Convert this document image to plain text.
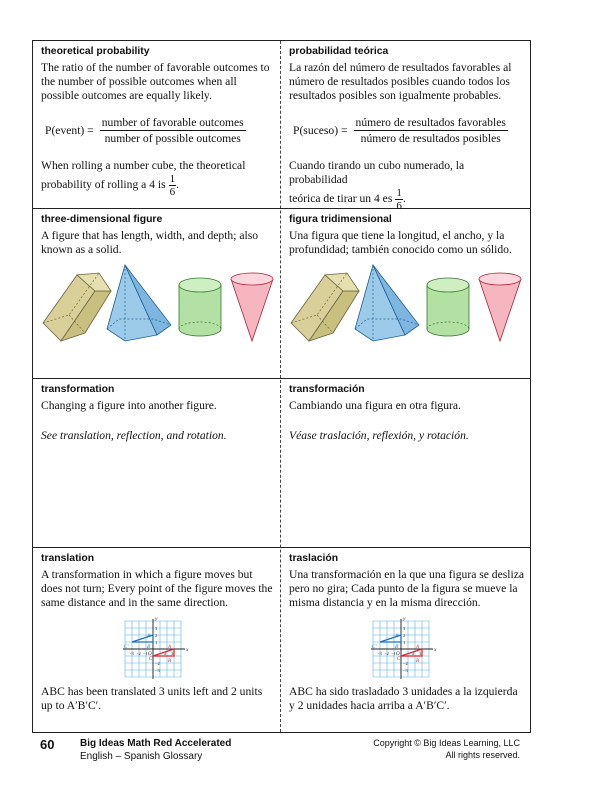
theoretical probability

The ratio of the number of favorable outcomes to the number of possible outcomes when all possible outcomes are equally likely.

P(event) = $\frac{\text{number of favorable outcomes}}{\text{number of possible outcomes}}$

When rolling a number cube, the theoretical

probability of rolling a 4 is $\frac{1}{6}$ .

probabilidad teórica

La razón del número de resultados favorables al número de resultados posibles cuando todos los resultados posibles son igualmente probables.

P(suceso) = $\frac{\text{número de resultados favorables}}{\text{número de resultados posibles}}$

Cuando tirando un cubo numerado, la probabilidad

teórica de tirar un 4 es $\frac{1}{6}$ .

three-dimensional figure

A figure that has length, width, and depth; also known as a solid.

figura tridimensional

Una figura que tiene la longitud, el ancho, y la profundidad; también conocido como un sólido.

transformation

Changing a figure into another figure.

See translation, reflection, and rotation.

transformación

Cambiando una figura en otra figura.

Véase traslación, reflexión, y rotación.

translation

A transformation in which a figure moves but does not turn; Every point of the figure moves the same distance and in the same direction.

x
y
O
−3 −2 −1	2 3
3
2
1
−2
−3
A
B
C
A′
B′
C′

ABC has been translated 3 units left and 2 units up to A′B′C′.

traslación

Una transformación en la que una figura se desliza pero no gira; Cada punto de la figura se mueve la misma distancia y en la misma dirección.

x
y
O
−3 −2 −1	2 3
3
2
1
−2
−3
A
B
C
A′
B′
C′

ABC ha sido trasladado 3 unidades a la izquierda y 2 unidades hacia arriba a A′B′C′.

60	Big Ideas Math Red Accelerated
English – Spanish Glossary
Copyright © Big Ideas Learning, LLC
All rights reserved.
